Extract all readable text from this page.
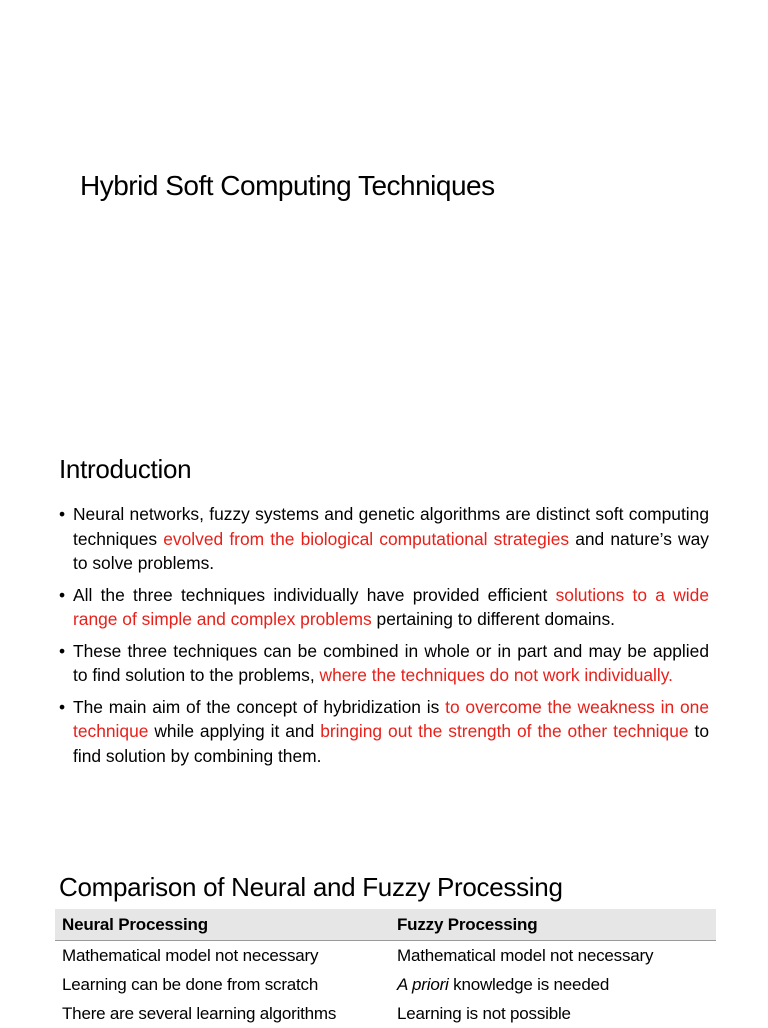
Hybrid Soft Computing Techniques
Introduction
• Neural networks, fuzzy systems and genetic algorithms are distinct soft computing techniques evolved from the biological computational strategies and nature’s way to solve problems.
• All the three techniques individually have provided efficient solutions to a wide range of simple and complex problems pertaining to different domains.
• These three techniques can be combined in whole or in part and may be applied to find solution to the problems, where the techniques do not work individually.
• The main aim of the concept of hybridization is to overcome the weakness in one technique while applying it and bringing out the strength of the other technique to find solution by combining them.
Comparison of Neural and Fuzzy Processing
Neural Processing	Fuzzy Processing
Mathematical model not necessary	Mathematical model not necessary
Learning can be done from scratch	A priori knowledge is needed
There are several learning algorithms	Learning is not possible
